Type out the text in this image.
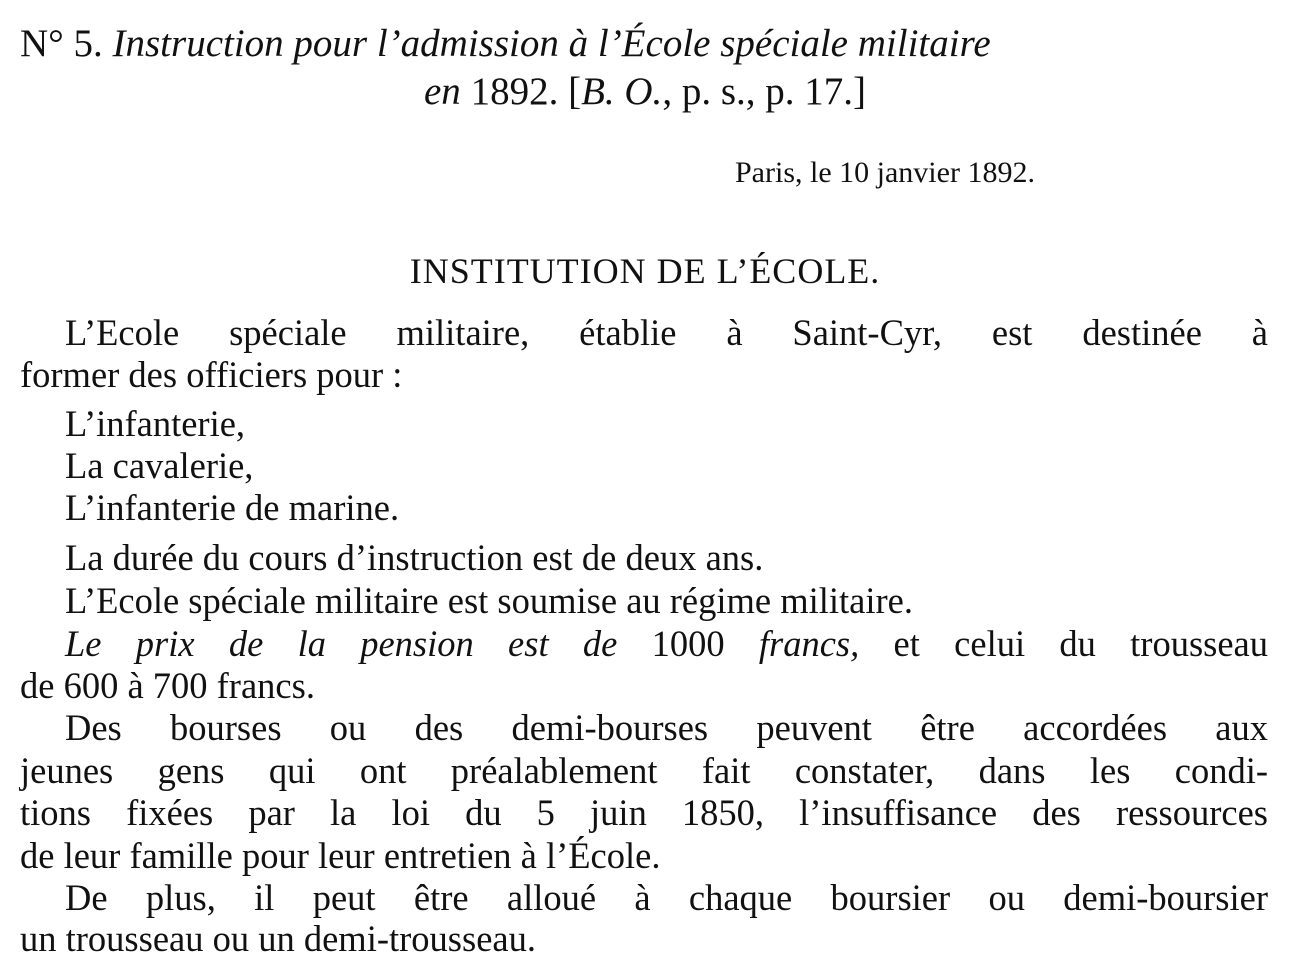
N° 5. Instruction pour l’admission à l’École spéciale militaire
en 1892. [B. O., p. s., p. 17.]
Paris, le 10 janvier 1892.
INSTITUTION DE L’ÉCOLE.
L’Ecole spéciale militaire, établie à Saint-Cyr, est destinée à
former des officiers pour :
L’infanterie,
La cavalerie,
L’infanterie de marine.
La durée du cours d’instruction est de deux ans.
L’Ecole spéciale militaire est soumise au régime militaire.
Le prix de la pension est de 1000 francs, et celui du trousseau
de 600 à 700 francs.
Des bourses ou des demi-bourses peuvent être accordées aux
jeunes gens qui ont préalablement fait constater, dans les condi-
tions fixées par la loi du 5 juin 1850, l’insuffisance des ressources
de leur famille pour leur entretien à l’École.
De plus, il peut être alloué à chaque boursier ou demi-boursier
un trousseau ou un demi-trousseau.
